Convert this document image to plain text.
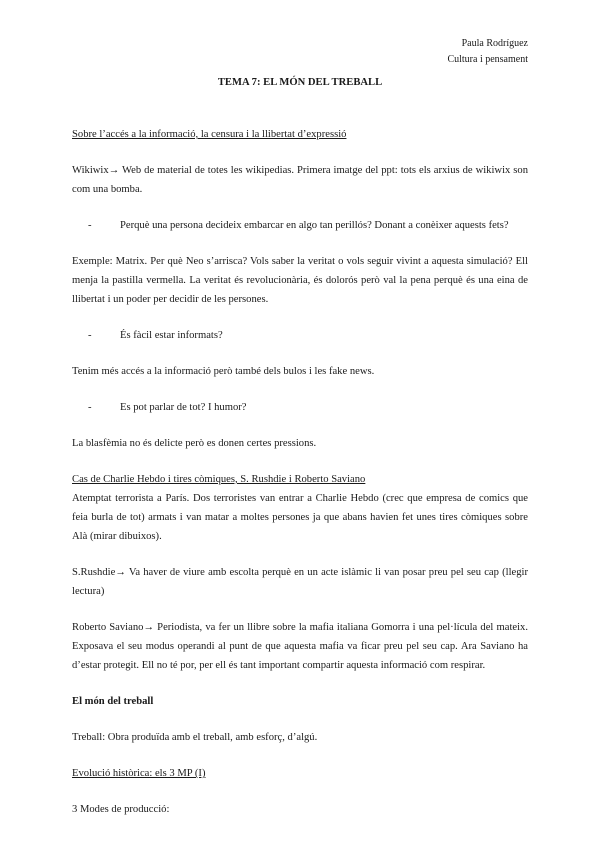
Paula Rodríguez
Cultura i pensament
TEMA 7: EL MÓN DEL TREBALL

Sobre l’accés a la informació, la censura i la llibertat d’expressió

Wikiwix→ Web de material de totes les wikipedias. Primera imatge del ppt: tots els arxius de wikiwix son com una bomba.

-	Perquè una persona decideix embarcar en algo tan perillós? Donant a conèixer aquests fets?

Exemple: Matrix. Per què Neo s’arrisca? Vols saber la veritat o vols seguir vivint a aquesta simulació? Ell menja la pastilla vermella. La veritat és revolucionària, és dolorós però val la pena perquè és una eina de llibertat i un poder per decidir de les persones.

-	És fàcil estar informats?

Tenim més accés a la informació però també dels bulos i les fake news.

-	Es pot parlar de tot? I humor?

La blasfèmia no és delicte però es donen certes pressions.

Cas de Charlie Hebdo i tires còmiques, S. Rushdie i Roberto Saviano

Atemptat terrorista a París. Dos terroristes van entrar a Charlie Hebdo (crec que empresa de comics que feia burla de tot) armats i van matar a moltes persones ja que abans havien fet unes tires còmiques sobre Alà (mirar dibuixos).

S.Rushdie→ Va haver de viure amb escolta perquè en un acte islàmic li van posar preu pel seu cap (llegir lectura)

Roberto Saviano→ Periodista, va fer un llibre sobre la mafia italiana Gomorra i una pel·lícula del mateix. Exposava el seu modus operandi al punt de que aquesta mafia va ficar preu pel seu cap. Ara Saviano ha d’estar protegit. Ell no té por, per ell és tant important compartir aquesta informació com respirar.

El món del treball

Treball: Obra produïda amb el treball, amb esforç, d’algú.

Evolució històrica: els 3 MP (I)

3 Modes de producció:
